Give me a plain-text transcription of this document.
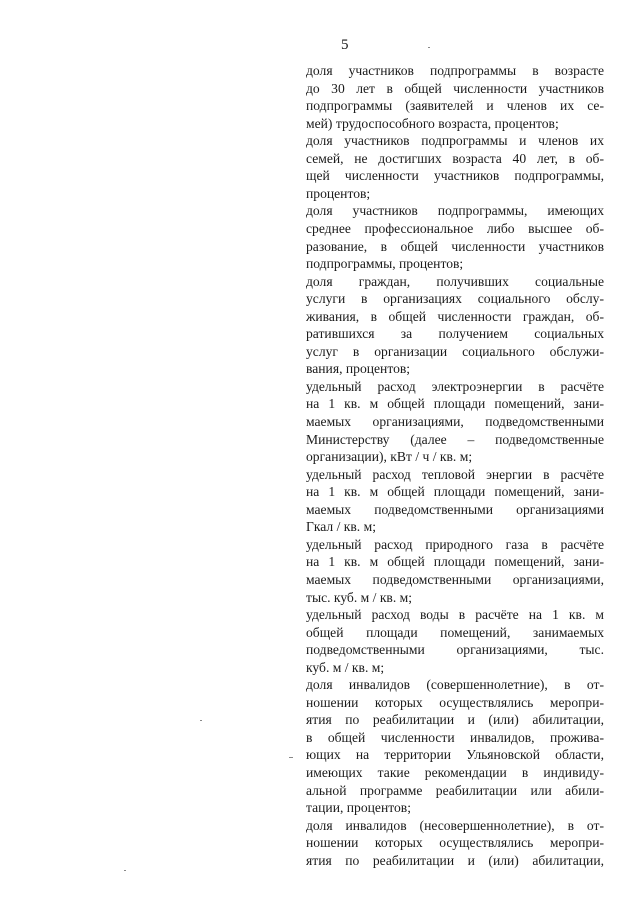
5
доля участников подпрограммы в возрасте
до 30 лет в общей численности участников
подпрограммы (заявителей и членов их се-
мей) трудоспособного возраста, процентов;
доля участников подпрограммы и членов их
семей, не достигших возраста 40 лет, в об-
щей численности участников подпрограммы,
процентов;
доля участников подпрограммы, имеющих
среднее профессиональное либо высшее об-
разование, в общей численности участников
подпрограммы, процентов;
доля граждан, получивших социальные
услуги в организациях социального обслу-
живания, в общей численности граждан, об-
ратившихся за получением социальных
услуг в организации социального обслужи-
вания, процентов;
удельный расход электроэнергии в расчёте
на 1 кв. м общей площади помещений, зани-
маемых организациями, подведомственными
Министерству (далее – подведомственные
организации), кВт / ч / кв. м;
удельный расход тепловой энергии в расчёте
на 1 кв. м общей площади помещений, зани-
маемых подведомственными организациями
Гкал / кв. м;
удельный расход природного газа в расчёте
на 1 кв. м общей площади помещений, зани-
маемых подведомственными организациями,
тыс. куб. м / кв. м;
удельный расход воды в расчёте на 1 кв. м
общей площади помещений, занимаемых
подведомственными организациями, тыс.
куб. м / кв. м;
доля инвалидов (совершеннолетние), в от-
ношении которых осуществлялись меропри-
ятия по реабилитации и (или) абилитации,
в общей численности инвалидов, прожива-
ющих на территории Ульяновской области,
имеющих такие рекомендации в индивиду-
альной программе реабилитации или абили-
тации, процентов;
доля инвалидов (несовершеннолетние), в от-
ношении которых осуществлялись меропри-
ятия по реабилитации и (или) абилитации,
